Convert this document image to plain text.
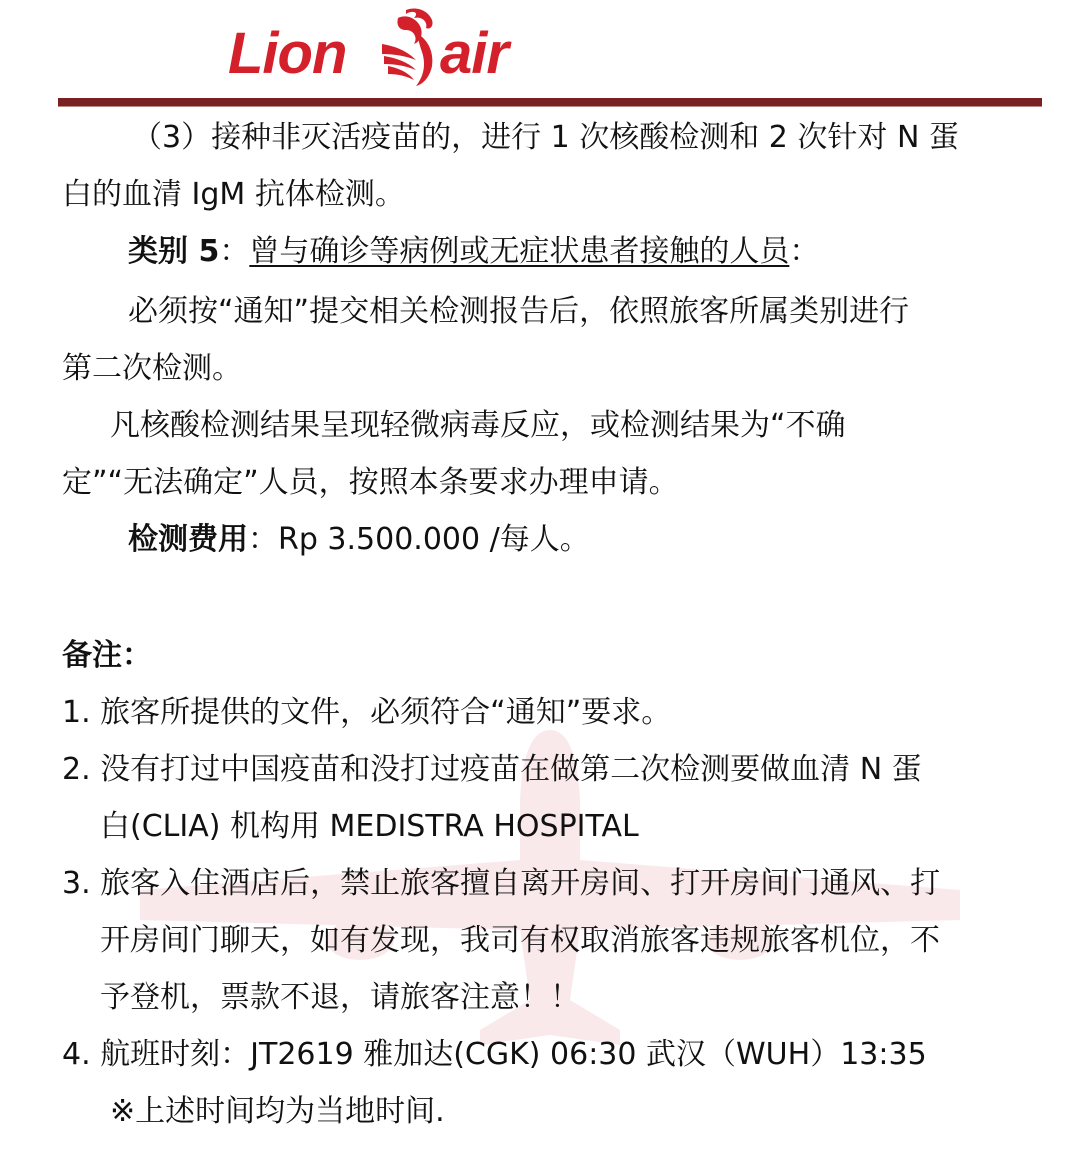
Lion air
（3）接种非灭活疫苗的，进行 1 次核酸检测和 2 次针对 N 蛋
白的血清 IgM 抗体检测。
类别 5：曾与确诊等病例或无症状患者接触的人员：
必须按“通知”提交相关检测报告后，依照旅客所属类别进行
第二次检测。
凡核酸检测结果呈现轻微病毒反应，或检测结果为“不确
定”“无法确定”人员，按照本条要求办理申请。
检测费用：Rp 3.500.000 /每人。
备注：
1. 旅客所提供的文件，必须符合“通知”要求。
2. 没有打过中国疫苗和没打过疫苗在做第二次检测要做血清 N 蛋
白(CLIA) 机构用 MEDISTRA HOSPITAL
3. 旅客入住酒店后，禁止旅客擅自离开房间、打开房间门通风、打
开房间门聊天，如有发现，我司有权取消旅客违规旅客机位，不
予登机，票款不退，请旅客注意！！
4. 航班时刻：JT2619 雅加达(CGK) 06:30 武汉（WUH）13:35
※上述时间均为当地时间.
